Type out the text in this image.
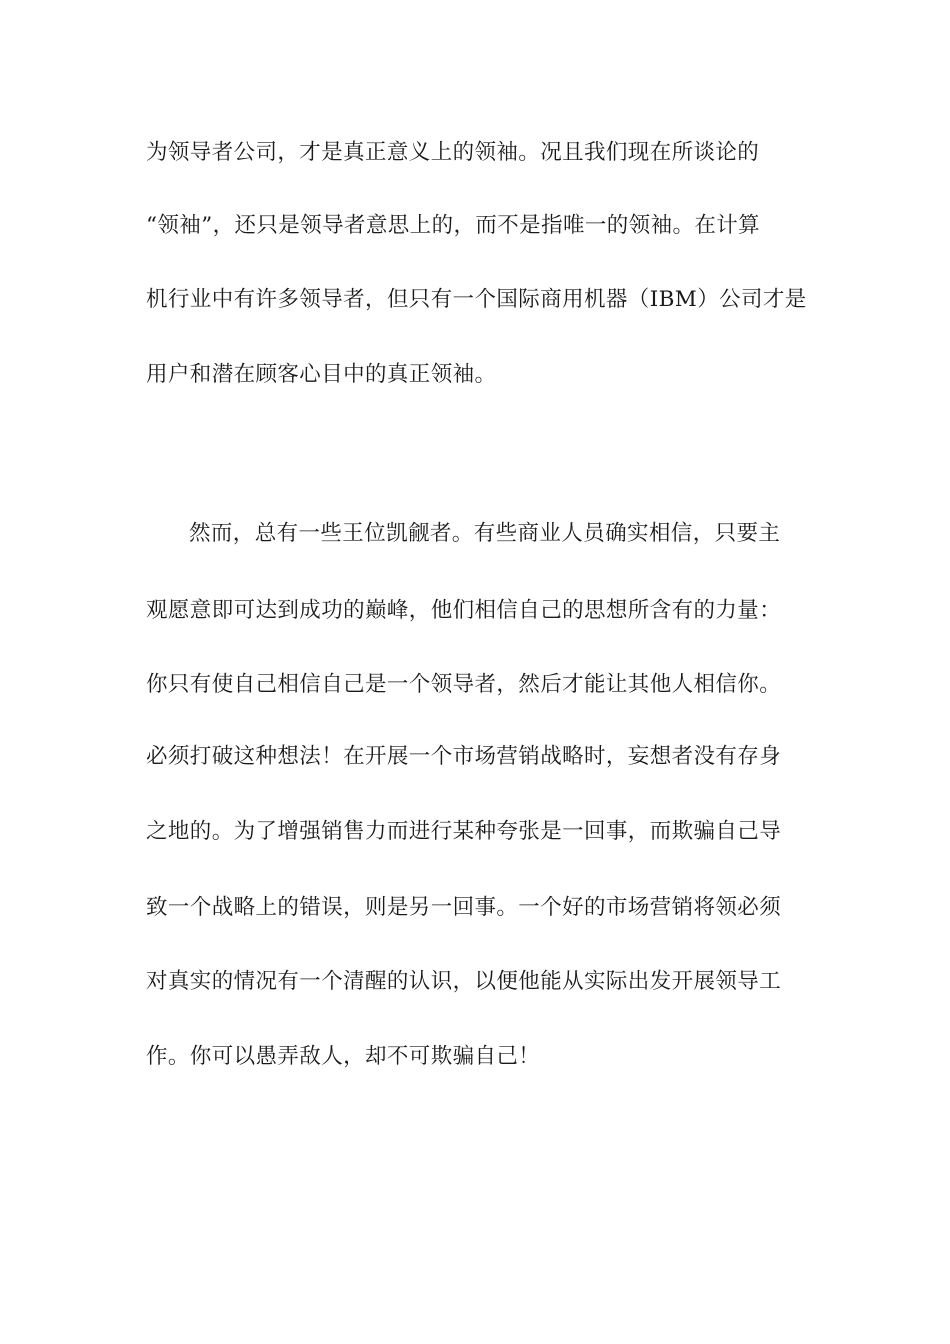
为领导者公司，才是真正意义上的领袖。况且我们现在所谈论的
“领袖”，还只是领导者意思上的，而不是指唯一的领袖。在计算
机行业中有许多领导者，但只有一个国际商用机器（IBM）公司才是
用户和潜在顾客心目中的真正领袖。
然而，总有一些王位凯觎者。有些商业人员确实相信，只要主
观愿意即可达到成功的巅峰，他们相信自己的思想所含有的力量：
你只有使自己相信自己是一个领导者，然后才能让其他人相信你。
必须打破这种想法！在开展一个市场营销战略时，妄想者没有存身
之地的。为了增强销售力而进行某种夸张是一回事，而欺骗自己导
致一个战略上的错误，则是另一回事。一个好的市场营销将领必须
对真实的情况有一个清醒的认识，以便他能从实际出发开展领导工
作。你可以愚弄敌人，却不可欺骗自己！
